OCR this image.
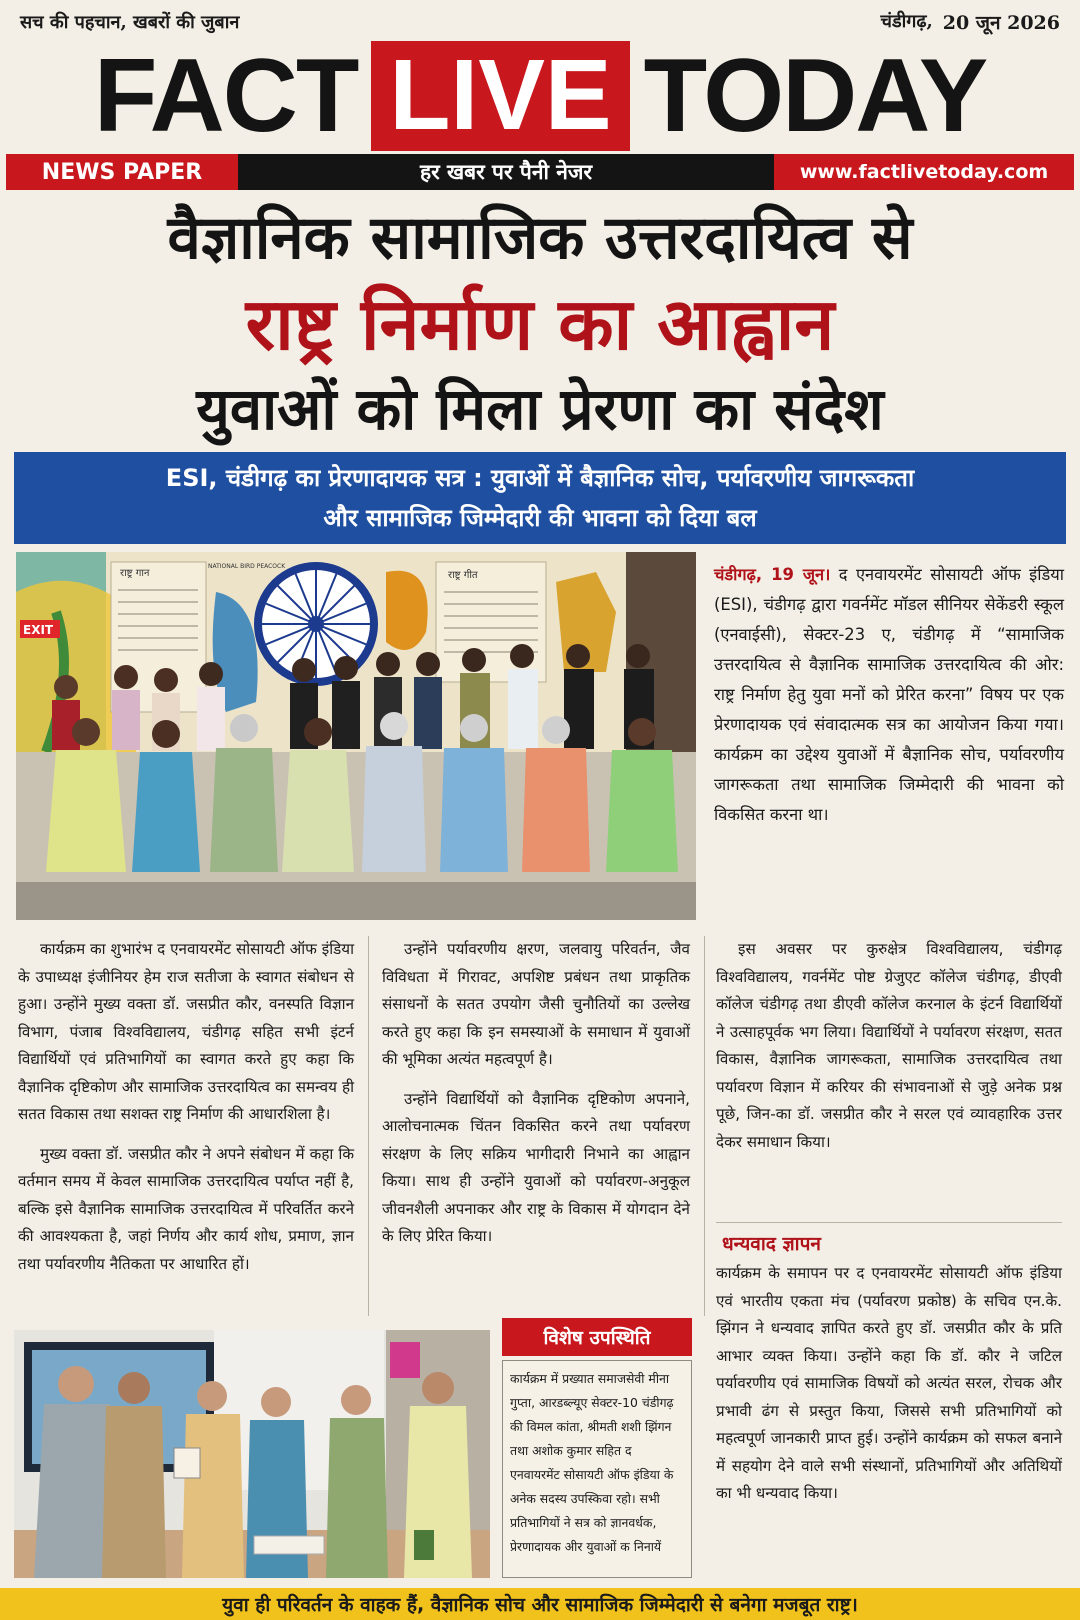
सच की पहचान, खबरों की जुबान	चंडीगढ़, 20 जून 2026
FACT LIVE TODAY
NEWS PAPER	हर खबर पर पैनी नेजर	www.factlivetoday.com
वैज्ञानिक सामाजिक उत्तरदायित्व से
राष्ट्र निर्माण का आह्वान
युवाओं को मिला प्रेरणा का संदेश
ESI, चंडीगढ़ का प्रेरणादायक सत्र : युवाओं में बैज्ञानिक सोच, पर्यावरणीय जागरूकता
और सामाजिक जिम्मेदारी की भावना को दिया बल
EXIT
राष्ट्र गान
NATIONAL BIRD PEACOCK
राष्ट्र गीत	चंडीगढ़, 19 जून। द एनवायरमेंट सोसायटी ऑफ इंडिया (ESI), चंडीगढ़ द्वारा गवर्नमेंट मॉडल सीनियर सेकेंडरी स्कूल (एनवाईसी), सेक्टर-23 ए, चंडीगढ़ में “सामाजिक उत्तरदायित्व से वैज्ञानिक सामाजिक उत्तरदायित्व की ओर: राष्ट्र निर्माण हेतु युवा मनों को प्रेरित करना” विषय पर एक प्रेरणादायक एवं संवादात्मक सत्र का आयोजन किया गया। कार्यक्रम का उद्देश्य युवाओं में बैज्ञानिक सोच, पर्यावरणीय जागरूकता तथा सामाजिक जिम्मेदारी की भावना को विकसित करना था।

कार्यक्रम का शुभारंभ द एनवायरमेंट सोसायटी ऑफ इंडिया के उपाध्यक्ष इंजीनियर हेम राज सतीजा के स्वागत संबोधन से हुआ। उन्होंने मुख्य वक्ता डॉ. जसप्रीत कौर, वनस्पति विज्ञान विभाग, पंजाब विश्वविद्यालय, चंडीगढ़ सहित सभी इंटर्न विद्यार्थियों एवं प्रतिभागियों का स्वागत करते हुए कहा कि वैज्ञानिक दृष्टिकोण और सामाजिक उत्तरदायित्व का समन्वय ही सतत विकास तथा सशक्त राष्ट्र निर्माण की आधारशिला है।

मुख्य वक्ता डॉ. जसप्रीत कौर ने अपने संबोधन में कहा कि वर्तमान समय में केवल सामाजिक उत्तरदायित्व पर्याप्त नहीं है, बल्कि इसे वैज्ञानिक सामाजिक उत्तरदायित्व में परिवर्तित करने की आवश्यकता है, जहां निर्णय और कार्य शोध, प्रमाण, ज्ञान तथा पर्यावरणीय नैतिकता पर आधारित हों।

उन्होंने पर्यावरणीय क्षरण, जलवायु परिवर्तन, जैव विविधता में गिरावट, अपशिष्ट प्रबंधन तथा प्राकृतिक संसाधनों के सतत उपयोग जैसी चुनौतियों का उल्लेख करते हुए कहा कि इन समस्याओं के समाधान में युवाओं की भूमिका अत्यंत महत्वपूर्ण है।

उन्होंने विद्यार्थियों को वैज्ञानिक दृष्टिकोण अपनाने, आलोचनात्मक चिंतन विकसित करने तथा पर्यावरण संरक्षण के लिए सक्रिय भागीदारी निभाने का आह्वान किया। साथ ही उन्होंने युवाओं को पर्यावरण-अनुकूल जीवनशैली अपनाकर और राष्ट्र के विकास में योगदान देने के लिए प्रेरित किया।

इस अवसर पर कुरुक्षेत्र विश्वविद्यालय, चंडीगढ़ विश्वविद्यालय, गवर्नमेंट पोष्ट ग्रेजुएट कॉलेज चंडीगढ़, डीएवी कॉलेज चंडीगढ़ तथा डीएवी कॉलेज करनाल के इंटर्न विद्यार्थियों ने उत्साहपूर्वक भग लिया। विद्यार्थियों ने पर्यावरण संरक्षण, सतत विकास, वैज्ञानिक जागरूकता, सामाजिक उत्तरदायित्व तथा पर्यावरण विज्ञान में करियर की संभावनाओं से जुड़े अनेक प्रश्न पूछे, जिन-का डॉ. जसप्रीत कौर ने सरल एवं व्यावहारिक उत्तर देकर समाधान किया।

धन्यवाद ज्ञापन

कार्यक्रम के समापन पर द एनवायरमेंट सोसायटी ऑफ इंडिया एवं भारतीय एकता मंच (पर्यावरण प्रकोष्ठ) के सचिव एन.के. झिंगन ने धन्यवाद ज्ञापित करते हुए डॉ. जसप्रीत कौर के प्रति आभार व्यक्त किया। उन्होंने कहा कि डॉ. कौर ने जटिल पर्यावरणीय एवं सामाजिक विषयों को अत्यंत सरल, रोचक और प्रभावी ढंग से प्रस्तुत किया, जिससे सभी प्रतिभागियों को महत्वपूर्ण जानकारी प्राप्त हुई। उन्होंने कार्यक्रम को सफल बनाने में सहयोग देने वाले सभी संस्थानों, प्रतिभागियों और अतिथियों का भी धन्यवाद किया।

विशेष उपस्थिति
कार्यक्रम में प्रख्यात समाजसेवी मीना गुप्ता, आरडब्ल्यूए सेक्टर-10 चंडीगढ़ की विमल कांता, श्रीमती शशी झिंगन तथा अशोक कुमार सहित द एनवायरमेंट सोसायटी ऑफ इंडिया के अनेक सदस्य उपस्किवा रहो। सभी प्रतिभागियों ने सत्र को ज्ञानवर्धक, प्रेरणादायक अीर युवाओं क निनायें
युवा ही परिवर्तन के वाहक हैं, वैज्ञानिक सोच और सामाजिक जिम्मेदारी से बनेगा मजबूत राष्ट्र।
